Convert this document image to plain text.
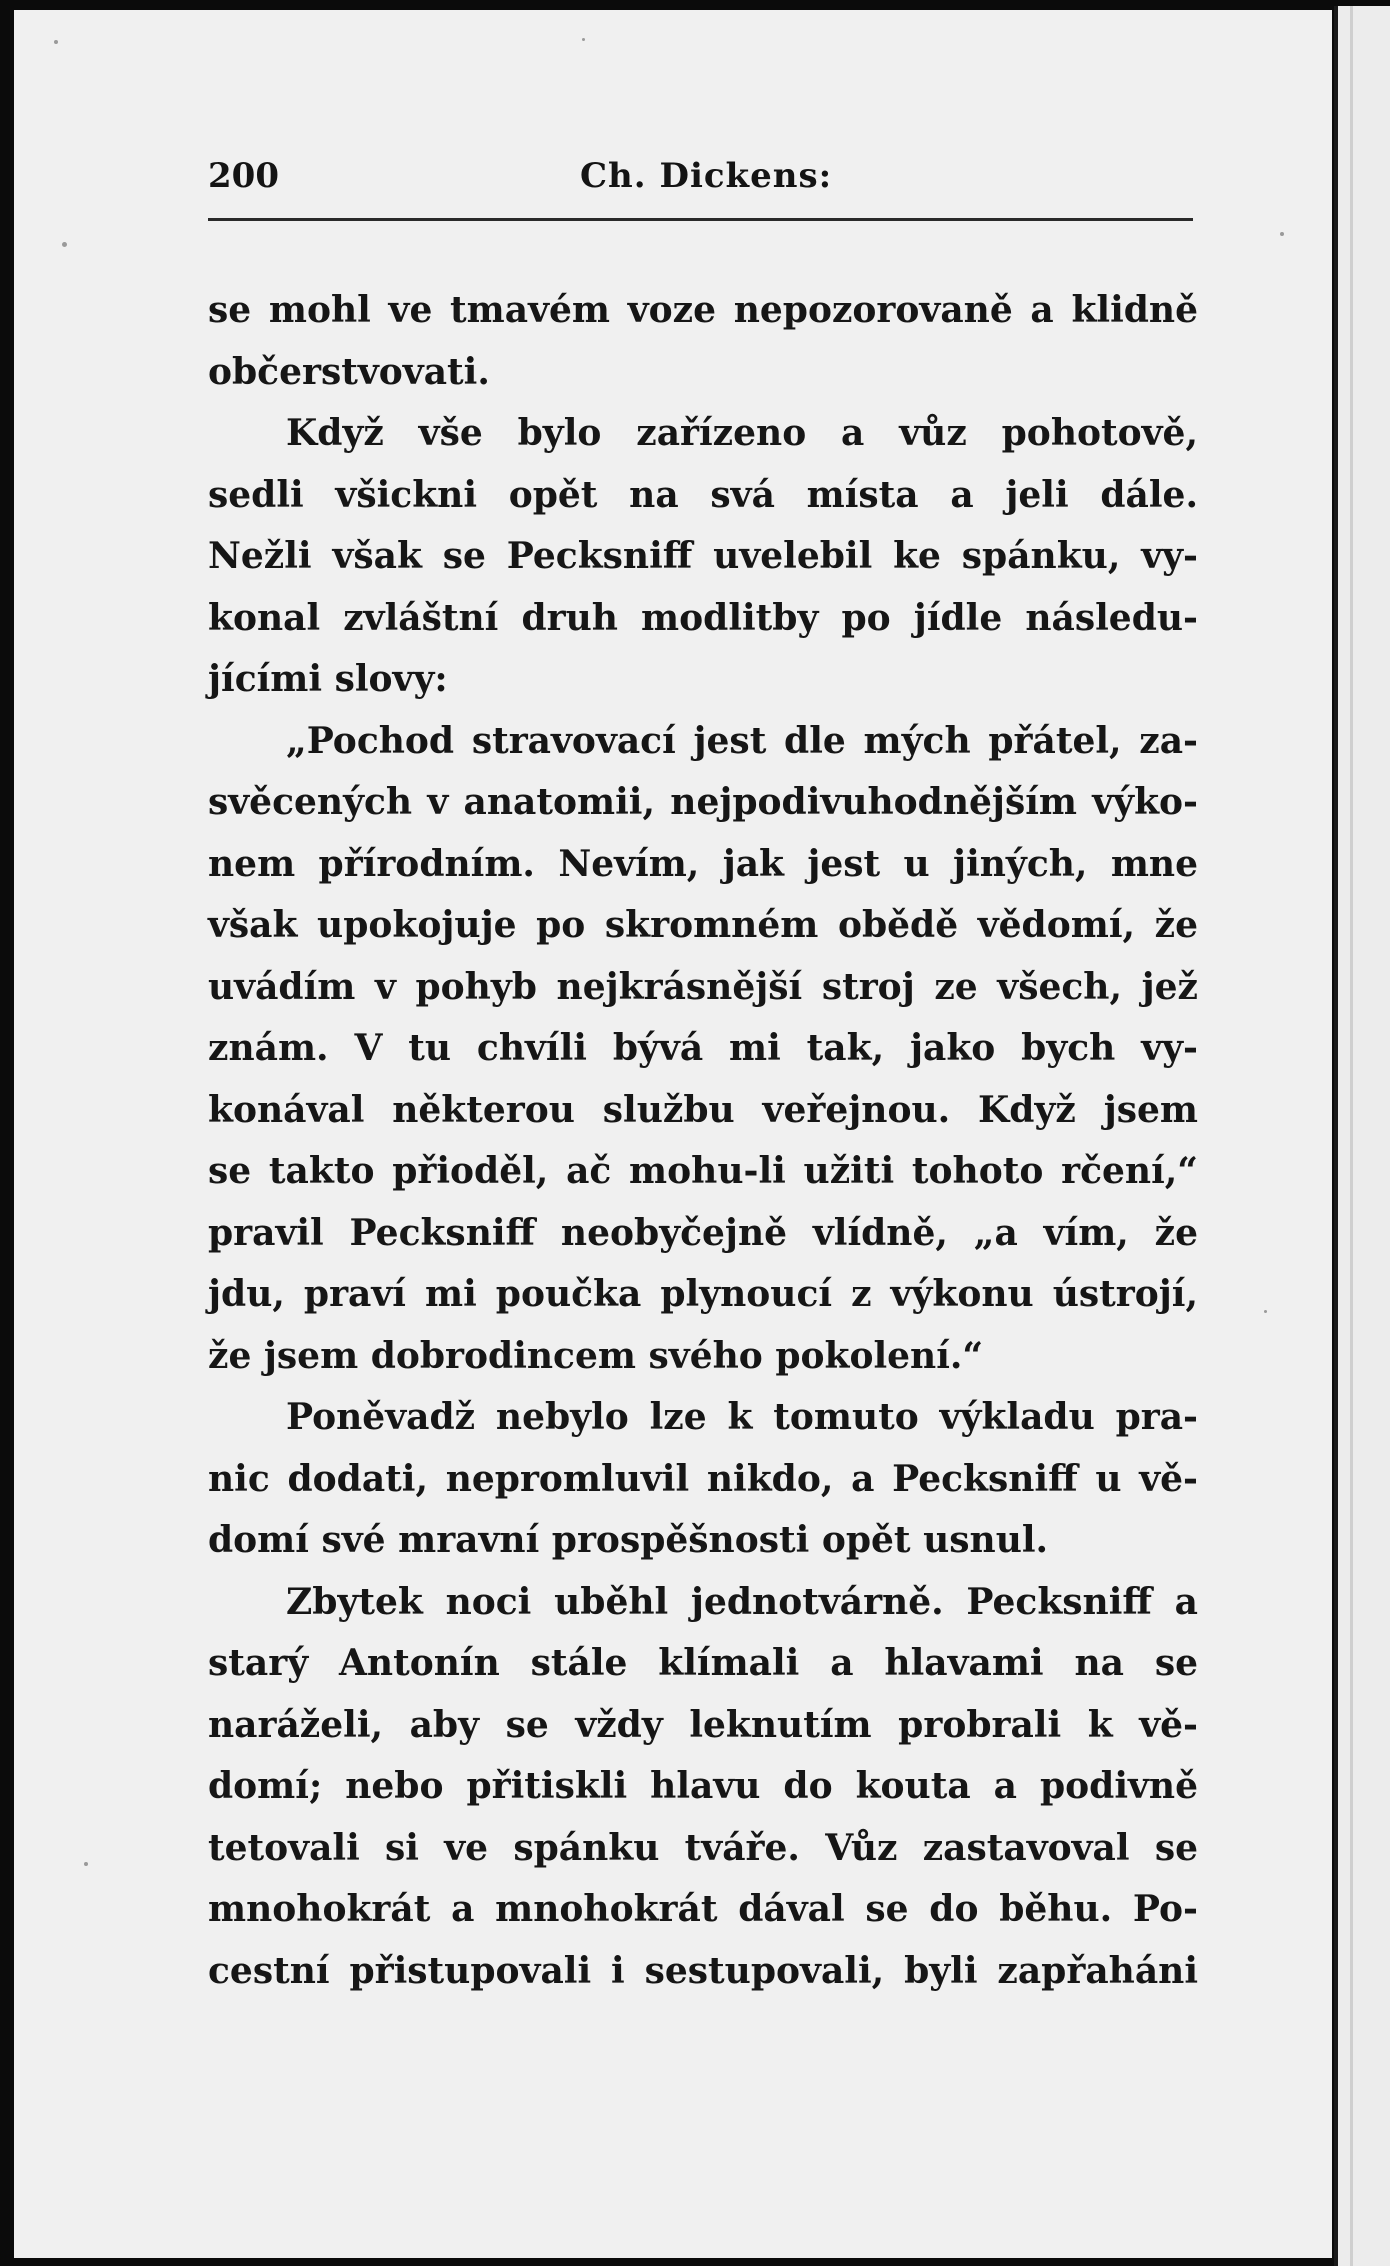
200	Ch. Dickens:
se mohl ve tmavém voze nepozorovaně a klidně
občerstvovati.
Když vše bylo zařízeno a vůz pohotově,
sedli všickni opět na svá místa a jeli dále.
Nežli však se Pecksniff uvelebil ke spánku, vy-
konal zvláštní druh modlitby po jídle následu-
jícími slovy:
„Pochod stravovací jest dle mých přátel, za-
svěcených v anatomii, nejpodivuhodnějším výko-
nem přírodním. Nevím, jak jest u jiných, mne
však upokojuje po skromném obědě vědomí, že
uvádím v pohyb nejkrásnější stroj ze všech, jež
znám. V tu chvíli bývá mi tak, jako bych vy-
konával některou službu veřejnou. Když jsem
se takto přioděl, ač mohu-li užiti tohoto rčení,“
pravil Pecksniff neobyčejně vlídně, „a vím, že
jdu, praví mi poučka plynoucí z výkonu ústrojí,
že jsem dobrodincem svého pokolení.“
Poněvadž nebylo lze k tomuto výkladu pra-
nic dodati, nepromluvil nikdo, a Pecksniff u vě-
domí své mravní prospěšnosti opět usnul.
Zbytek noci uběhl jednotvárně. Pecksniff a
starý Antonín stále klímali a hlavami na se
naráželi, aby se vždy leknutím probrali k vě-
domí; nebo přitiskli hlavu do kouta a podivně
tetovali si ve spánku tváře. Vůz zastavoval se
mnohokrát a mnohokrát dával se do běhu. Po-
cestní přistupovali i sestupovali, byli zapřaháni
